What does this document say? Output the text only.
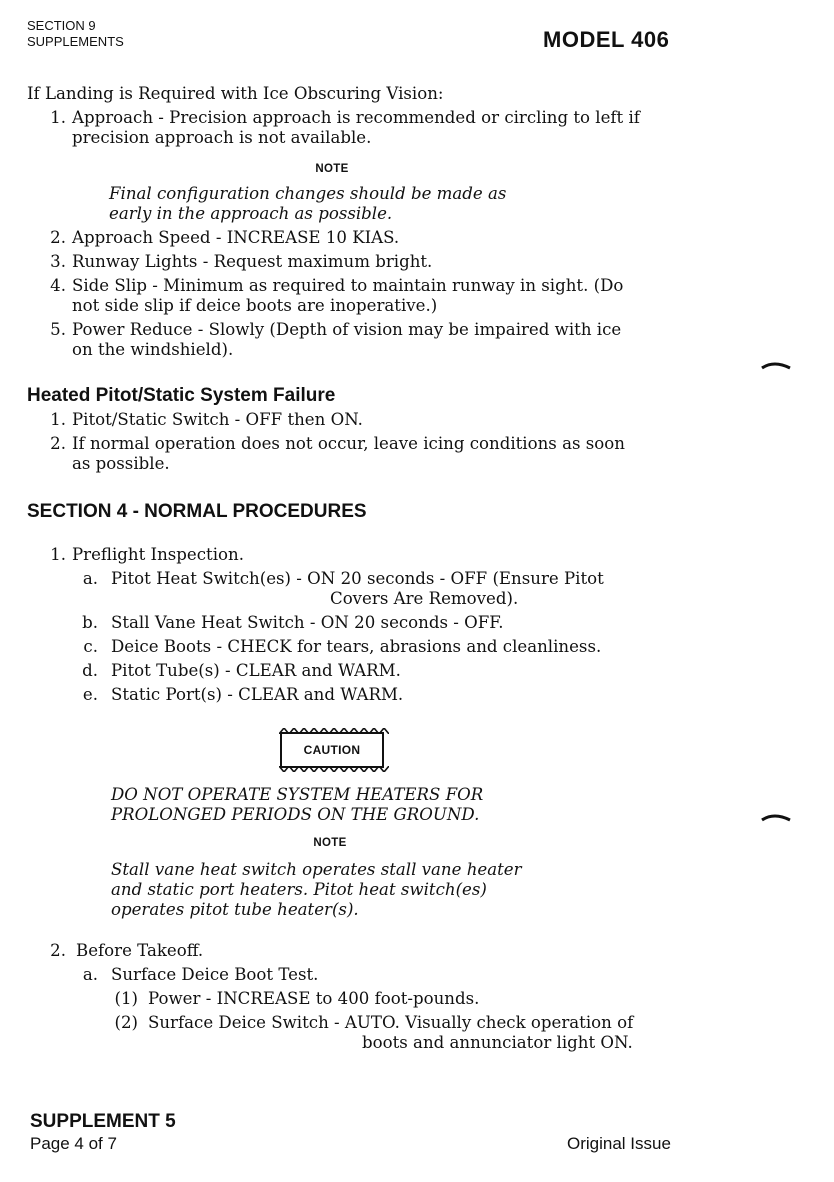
SECTION 9
SUPPLEMENTS	MODEL 406
If Landing is Required with Ice Obscuring Vision:
1. Approach - Precision approach is recommended or circling to left if
precision approach is not available.
NOTE
Final configuration changes should be made as
early in the approach as possible.
2. Approach Speed - INCREASE 10 KIAS.
3. Runway Lights - Request maximum bright.
4. Side Slip - Minimum as required to maintain runway in sight. (Do
not side slip if deice boots are inoperative.)
5. Power Reduce - Slowly (Depth of vision may be impaired with ice
on the windshield).
Heated Pitot/Static System Failure
1. Pitot/Static Switch - OFF then ON.
2. If normal operation does not occur, leave icing conditions as soon
as possible.
SECTION 4 - NORMAL PROCEDURES
1. Preflight Inspection.
a. Pitot Heat Switch(es) - ON 20 seconds - OFF (Ensure Pitot
Covers Are Removed).
b. Stall Vane Heat Switch - ON 20 seconds - OFF.
c. Deice Boots - CHECK for tears, abrasions and cleanliness.
d. Pitot Tube(s) - CLEAR and WARM.
e. Static Port(s) - CLEAR and WARM.
CAUTION
DO NOT OPERATE SYSTEM HEATERS FOR
PROLONGED PERIODS ON THE GROUND.
NOTE
Stall vane heat switch operates stall vane heater
and static port heaters. Pitot heat switch(es)
operates pitot tube heater(s).
2. Before Takeoff.
a. Surface Deice Boot Test.
(1) Power - INCREASE to 400 foot-pounds.
(2) Surface Deice Switch - AUTO. Visually check operation of
boots and annunciator light ON.
SUPPLEMENT 5
Page 4 of 7	Original Issue
